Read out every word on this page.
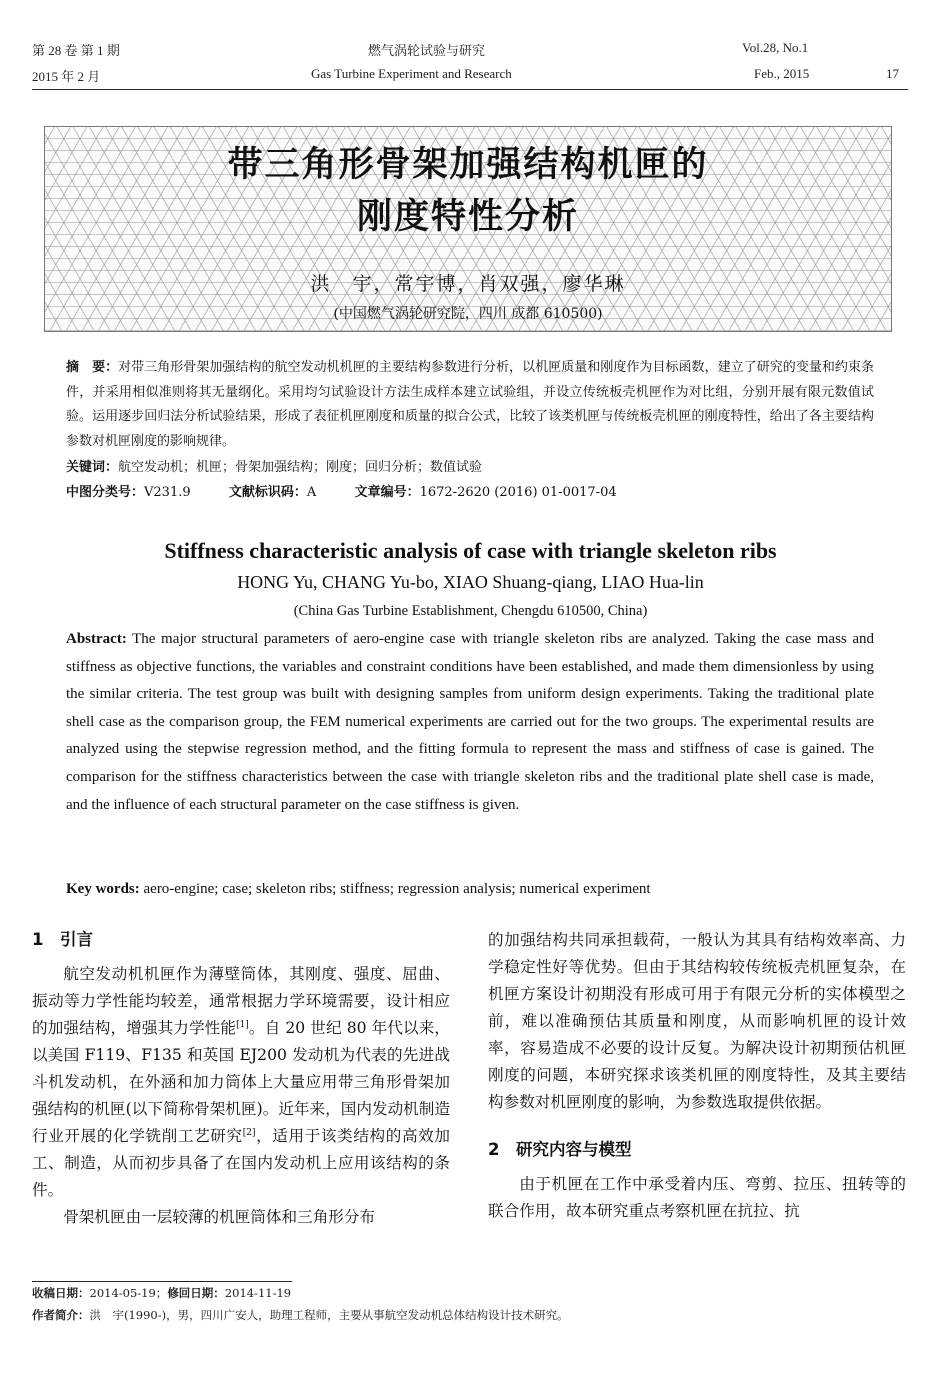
第 28 卷 第 1 期	燃气涡轮试验与研究	Vol.28, No.1
2015 年 2 月	Gas Turbine Experiment and Research	Feb., 2015	17
带三角形骨架加强结构机匣的
刚度特性分析
洪　宇，常宇博，肖双强，廖华琳
(中国燃气涡轮研究院，四川 成都 610500)
摘　要：对带三角形骨架加强结构的航空发动机机匣的主要结构参数进行分析，以机匣质量和刚度作为目标函数，建立了研究的变量和约束条件，并采用相似准则将其无量纲化。采用均匀试验设计方法生成样本建立试验组，并设立传统板壳机匣作为对比组，分别开展有限元数值试验。运用逐步回归法分析试验结果，形成了表征机匣刚度和质量的拟合公式，比较了该类机匣与传统板壳机匣的刚度特性，给出了各主要结构参数对机匣刚度的影响规律。
关键词：航空发动机；机匣；骨架加强结构；刚度；回归分析；数值试验
中图分类号：V231.9	文献标识码：A	文章编号：1672-2620 (2016) 01-0017-04
Stiffness characteristic analysis of case with triangle skeleton ribs
HONG Yu, CHANG Yu-bo, XIAO Shuang-qiang, LIAO Hua-lin
(China Gas Turbine Establishment, Chengdu 610500, China)
Abstract: The major structural parameters of aero-engine case with triangle skeleton ribs are analyzed. Taking the case mass and stiffness as objective functions, the variables and constraint conditions have been established, and made them dimensionless by using the similar criteria. The test group was built with designing samples from uniform design experiments. Taking the traditional plate shell case as the comparison group, the FEM numerical experiments are carried out for the two groups. The experimental results are analyzed using the stepwise regression method, and the fitting formula to represent the mass and stiffness of case is gained. The comparison for the stiffness characteristics between the case with triangle skeleton ribs and the traditional plate shell case is made, and the influence of each structural parameter on the case stiffness is given.
Key words: aero-engine; case; skeleton ribs; stiffness; regression analysis; numerical experiment
1　引言

航空发动机机匣作为薄壁筒体，其刚度、强度、屈曲、振动等力学性能均较差，通常根据力学环境需要，设计相应的加强结构，增强其力学性能[1]。自 20 世纪 80 年代以来，以美国 F119、F135 和英国 EJ200 发动机为代表的先进战斗机发动机，在外涵和加力筒体上大量应用带三角形骨架加强结构的机匣(以下简称骨架机匣)。近年来，国内发动机制造行业开展的化学铣削工艺研究[2]，适用于该类结构的高效加工、制造，从而初步具备了在国内发动机上应用该结构的条件。

骨架机匣由一层较薄的机匣筒体和三角形分布

的加强结构共同承担载荷，一般认为其具有结构效率高、力学稳定性好等优势。但由于其结构较传统板壳机匣复杂，在机匣方案设计初期没有形成可用于有限元分析的实体模型之前，难以准确预估其质量和刚度，从而影响机匣的设计效率，容易造成不必要的设计反复。为解决设计初期预估机匣刚度的问题，本研究探求该类机匣的刚度特性，及其主要结构参数对机匣刚度的影响，为参数选取提供依据。

2　研究内容与模型

由于机匣在工作中承受着内压、弯剪、拉压、扭转等的联合作用，故本研究重点考察机匣在抗拉、抗

收稿日期：2014-05-19；修回日期：2014-11-19
作者简介：洪　宇(1990-)，男，四川广安人，助理工程师，主要从事航空发动机总体结构设计技术研究。
